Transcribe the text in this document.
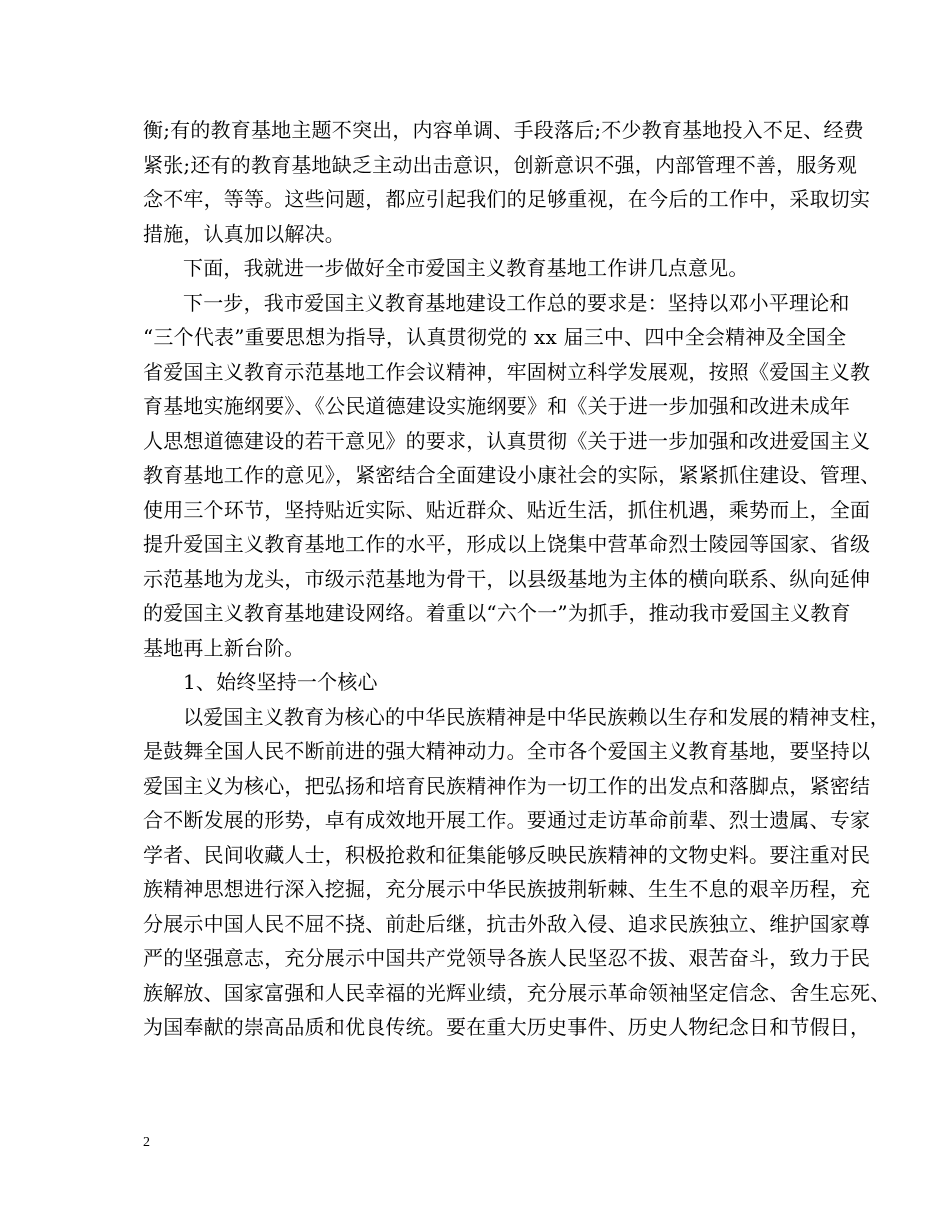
衡;有的教育基地主题不突出，内容单调、手段落后;不少教育基地投入不足、经费
紧张;还有的教育基地缺乏主动出击意识，创新意识不强，内部管理不善，服务观
念不牢，等等。这些问题，都应引起我们的足够重视，在今后的工作中，采取切实
措施，认真加以解决。
下面，我就进一步做好全市爱国主义教育基地工作讲几点意见。
下一步，我市爱国主义教育基地建设工作总的要求是：坚持以邓小平理论和
“三个代表”重要思想为指导，认真贯彻党的 xx 届三中、四中全会精神及全国全
省爱国主义教育示范基地工作会议精神，牢固树立科学发展观，按照《爱国主义教
育基地实施纲要》、《公民道德建设实施纲要》和《关于进一步加强和改进未成年
人思想道德建设的若干意见》的要求，认真贯彻《关于进一步加强和改进爱国主义
教育基地工作的意见》，紧密结合全面建设小康社会的实际，紧紧抓住建设、管理、
使用三个环节，坚持贴近实际、贴近群众、贴近生活，抓住机遇，乘势而上，全面
提升爱国主义教育基地工作的水平，形成以上饶集中营革命烈士陵园等国家、省级
示范基地为龙头，市级示范基地为骨干，以县级基地为主体的横向联系、纵向延伸
的爱国主义教育基地建设网络。着重以“六个一”为抓手，推动我市爱国主义教育
基地再上新台阶。
1、始终坚持一个核心
以爱国主义教育为核心的中华民族精神是中华民族赖以生存和发展的精神支柱，
是鼓舞全国人民不断前进的强大精神动力。全市各个爱国主义教育基地，要坚持以
爱国主义为核心，把弘扬和培育民族精神作为一切工作的出发点和落脚点，紧密结
合不断发展的形势，卓有成效地开展工作。要通过走访革命前辈、烈士遗属、专家
学者、民间收藏人士，积极抢救和征集能够反映民族精神的文物史料。要注重对民
族精神思想进行深入挖掘，充分展示中华民族披荆斩棘、生生不息的艰辛历程，充
分展示中国人民不屈不挠、前赴后继，抗击外敌入侵、追求民族独立、维护国家尊
严的坚强意志，充分展示中国共产党领导各族人民坚忍不拔、艰苦奋斗，致力于民
族解放、国家富强和人民幸福的光辉业绩，充分展示革命领袖坚定信念、舍生忘死、
为国奉献的崇高品质和优良传统。要在重大历史事件、历史人物纪念日和节假日，
2
